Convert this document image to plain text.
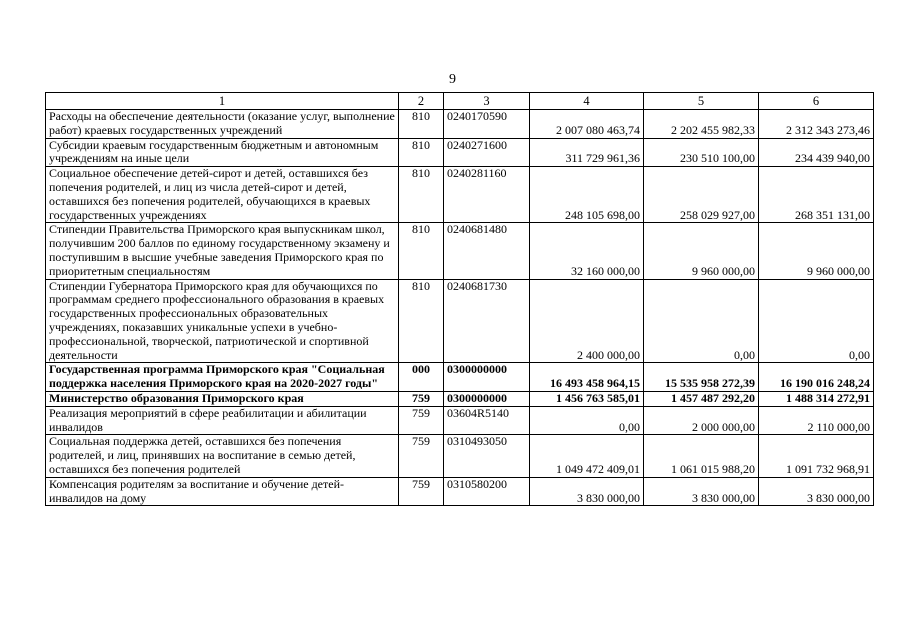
9
1	2	3	4	5	6
Расходы на обеспечение деятельности (оказание услуг, выполнение работ) краевых государственных учреждений	810	0240170590	2 007 080 463,74	2 202 455 982,33	2 312 343 273,46
Субсидии краевым государственным бюджетным и автономным учреждениям на иные цели	810	0240271600	311 729 961,36	230 510 100,00	234 439 940,00
Социальное обеспечение детей-сирот и детей, оставшихся без попечения родителей, и лиц из числа детей-сирот и детей, оставшихся без попечения родителей, обучающихся в краевых государственных учреждениях	810	0240281160	248 105 698,00	258 029 927,00	268 351 131,00
Стипендии Правительства Приморского края выпускникам школ, получившим 200 баллов по единому государственному экзамену и поступившим в высшие учебные заведения Приморского края по приоритетным специальностям	810	0240681480	32 160 000,00	9 960 000,00	9 960 000,00
Стипендии Губернатора Приморского края для обучающихся по программам среднего профессионального образования в краевых государственных профессиональных образовательных учреждениях, показавших уникальные успехи в учебно-профессиональной, творческой, патриотической и спортивной деятельности	810	0240681730	2 400 000,00	0,00	0,00
Государственная программа Приморского края "Социальная поддержка населения Приморского края на 2020-2027 годы"	000	0300000000	16 493 458 964,15	15 535 958 272,39	16 190 016 248,24
Министерство образования Приморского края	759	0300000000	1 456 763 585,01	1 457 487 292,20	1 488 314 272,91
Реализация мероприятий в сфере реабилитации и абилитации инвалидов	759	03604R5140	0,00	2 000 000,00	2 110 000,00
Социальная поддержка детей, оставшихся без попечения родителей, и лиц, принявших на воспитание в семью детей, оставшихся без попечения родителей	759	0310493050	1 049 472 409,01	1 061 015 988,20	1 091 732 968,91
Компенсация родителям за воспитание и обучение детей-инвалидов на дому	759	0310580200	3 830 000,00	3 830 000,00	3 830 000,00
